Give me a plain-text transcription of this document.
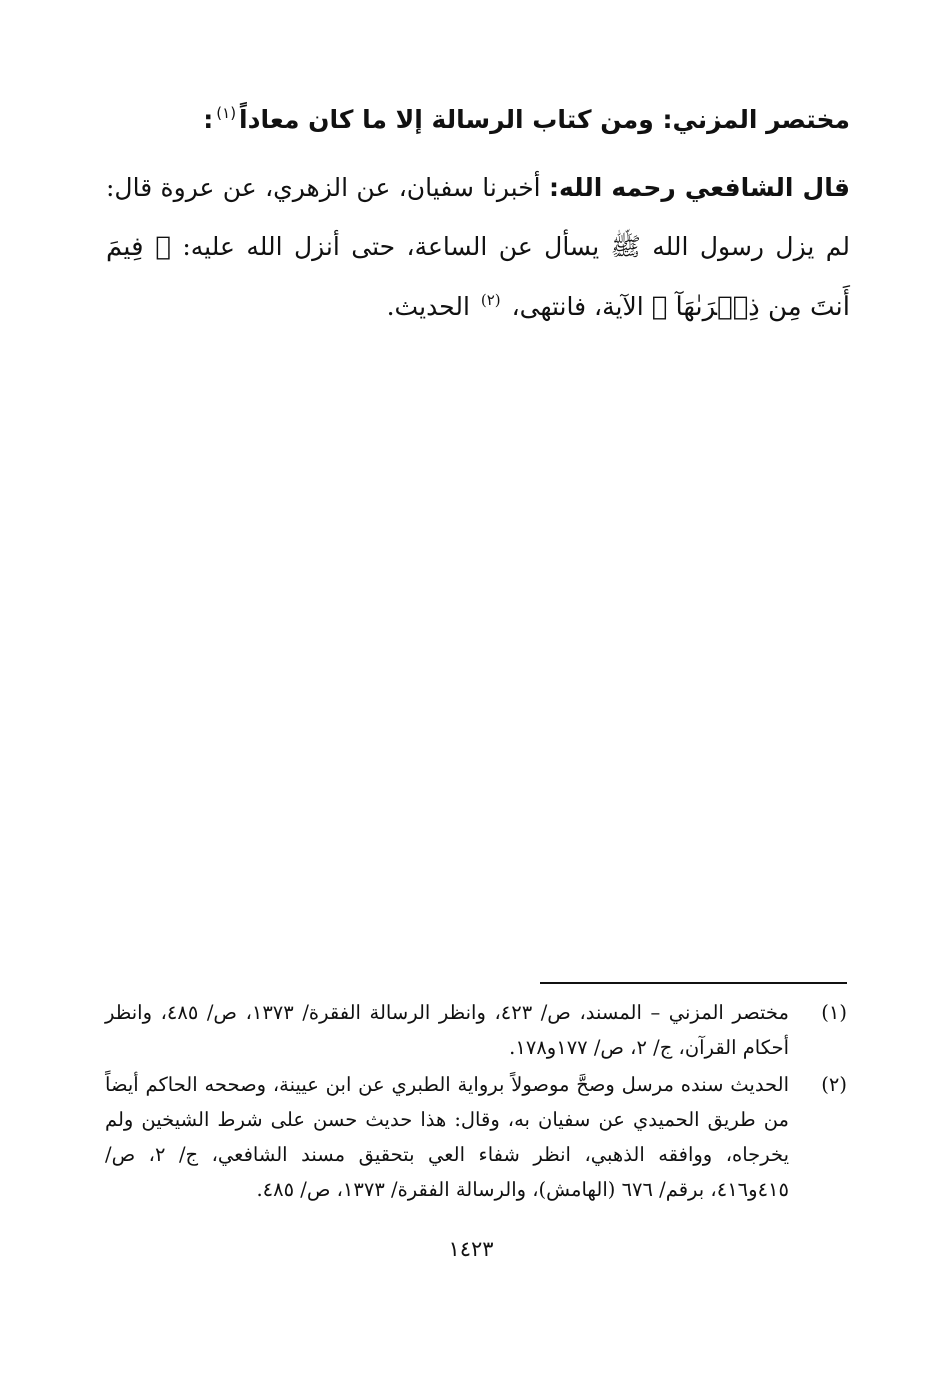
مختصر المزني: ومن كتاب الرسالة إلا ما كان معاداً$^{(١)}$:
قال الشافعي رحمه الله: أخبرنا سفيان، عن الزهري، عن عروة قال: لم يزل رسول الله ﷺ يسأل عن الساعة، حتى أنزل الله عليه: ﴿ فِيمَ أَنتَ مِن ذِكۡرَىٰهَآ ﴾ الآية، فانتهى، $^{(٢)}$ الحديث.
(١)
مختصر المزني – المسند، ص/ ٤٢٣، وانظر الرسالة الفقرة/ ١٣٧٣، ص/ ٤٨٥، وانظر أحكام القرآن، ج/ ٢، ص/ ١٧٧و١٧٨.
(٢)
الحديث سنده مرسل وصحَّ موصولاً برواية الطبري عن ابن عيينة، وصححه الحاكم أيضاً من طريق الحميدي عن سفيان به، وقال: هذا حديث حسن على شرط الشيخين ولم يخرجاه، ووافقه الذهبي، انظر شفاء العي بتحقيق مسند الشافعي، ج/ ٢، ص/ ٤١٥و٤١٦، برقم/ ٦٧٦ (الهامش)، والرسالة الفقرة/ ١٣٧٣، ص/ ٤٨٥.
١٤٢٣
